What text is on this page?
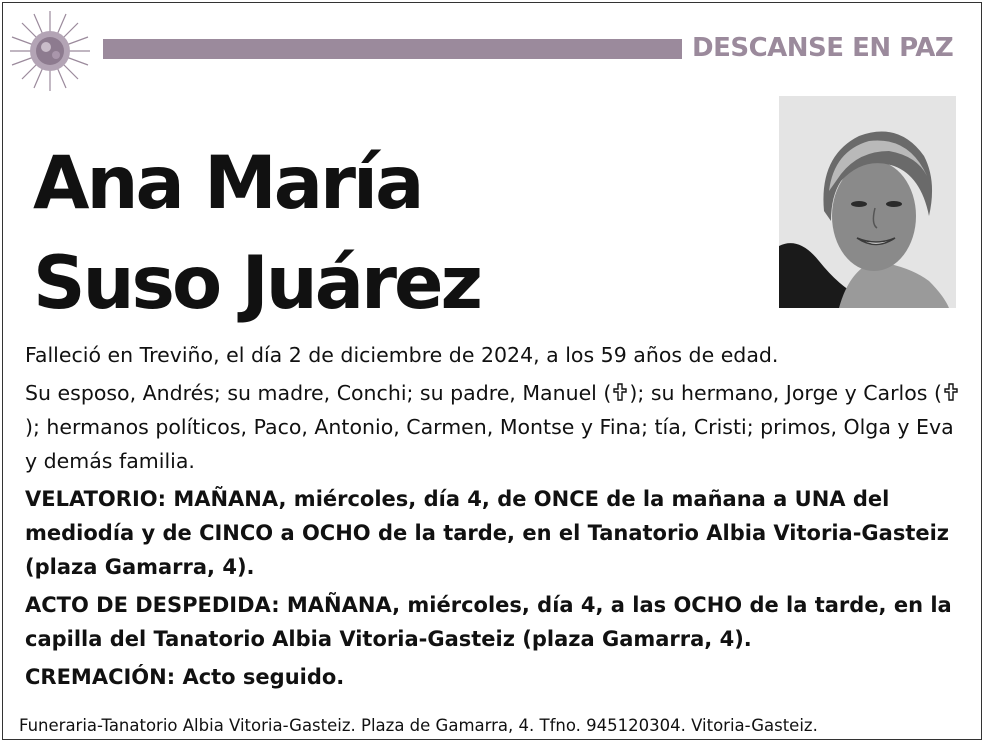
DESCANSE EN PAZ
Ana María
Suso Juárez

Falleció en Treviño, el día 2 de diciembre de 2024, a los 59 años de edad.

Su esposo, Andrés; su madre, Conchi; su padre, Manuel ( ); su hermano, Jorge y Carlos (); hermanos políticos, Paco, Antonio, Carmen, Montse y Fina; tía, Cristi; primos, Olga y Eva y demás familia.

VELATORIO: MAÑANA, miércoles, día 4, de ONCE de la mañana a UNA del mediodía y de CINCO a OCHO de la tarde, en el Tanatorio Albia Vitoria-Gasteiz (plaza Gamarra, 4).

ACTO DE DESPEDIDA: MAÑANA, miércoles, día 4, a las OCHO de la tarde, en la capilla del Tanatorio Albia Vitoria-Gasteiz (plaza Gamarra, 4).

CREMACIÓN: Acto seguido.

Funeraria-Tanatorio Albia Vitoria-Gasteiz. Plaza de Gamarra, 4. Tfno. 945120304. Vitoria-Gasteiz.
